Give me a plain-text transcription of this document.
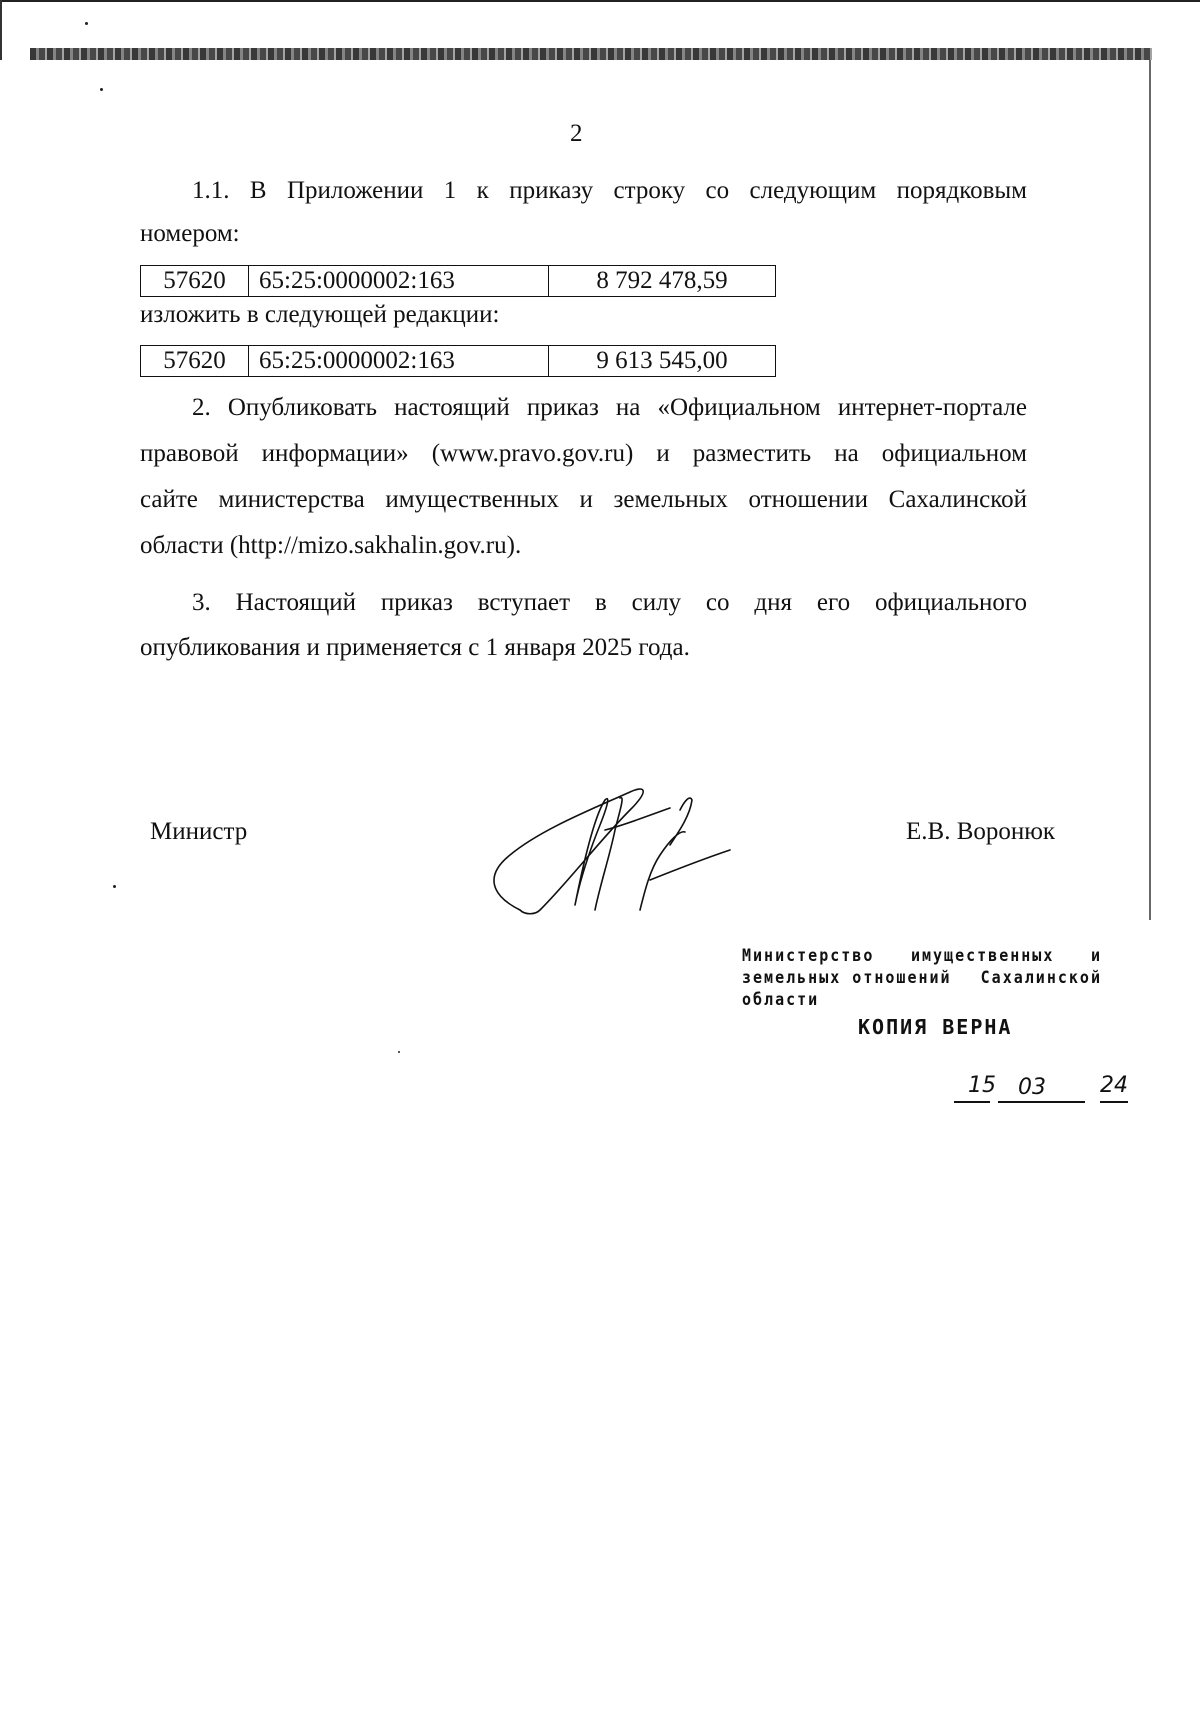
2

1.1. В Приложении 1 к приказу строку со следующим порядковым

номером:
57620	65:25:0000002:163	8 792 478,59
изложить в следующей редакции:
57620	65:25:0000002:163	9 613 545,00

2. Опубликовать настоящий приказ на «Официальном интернет-портале

правовой информации» (www.pravo.gov.ru) и разместить на официальном

сайте министерства имущественных и земельных отношении Сахалинской

области (http://mizo.sakhalin.gov.ru).

3. Настоящий приказ вступает в силу со дня его официального

опубликования и применяется с 1 января 2025 года.

Министр	Е.В. Воронюк
Министерство имущественных и
земельных отношений Сахалинской
области
КОПИЯ ВЕРНА
15 03 24
